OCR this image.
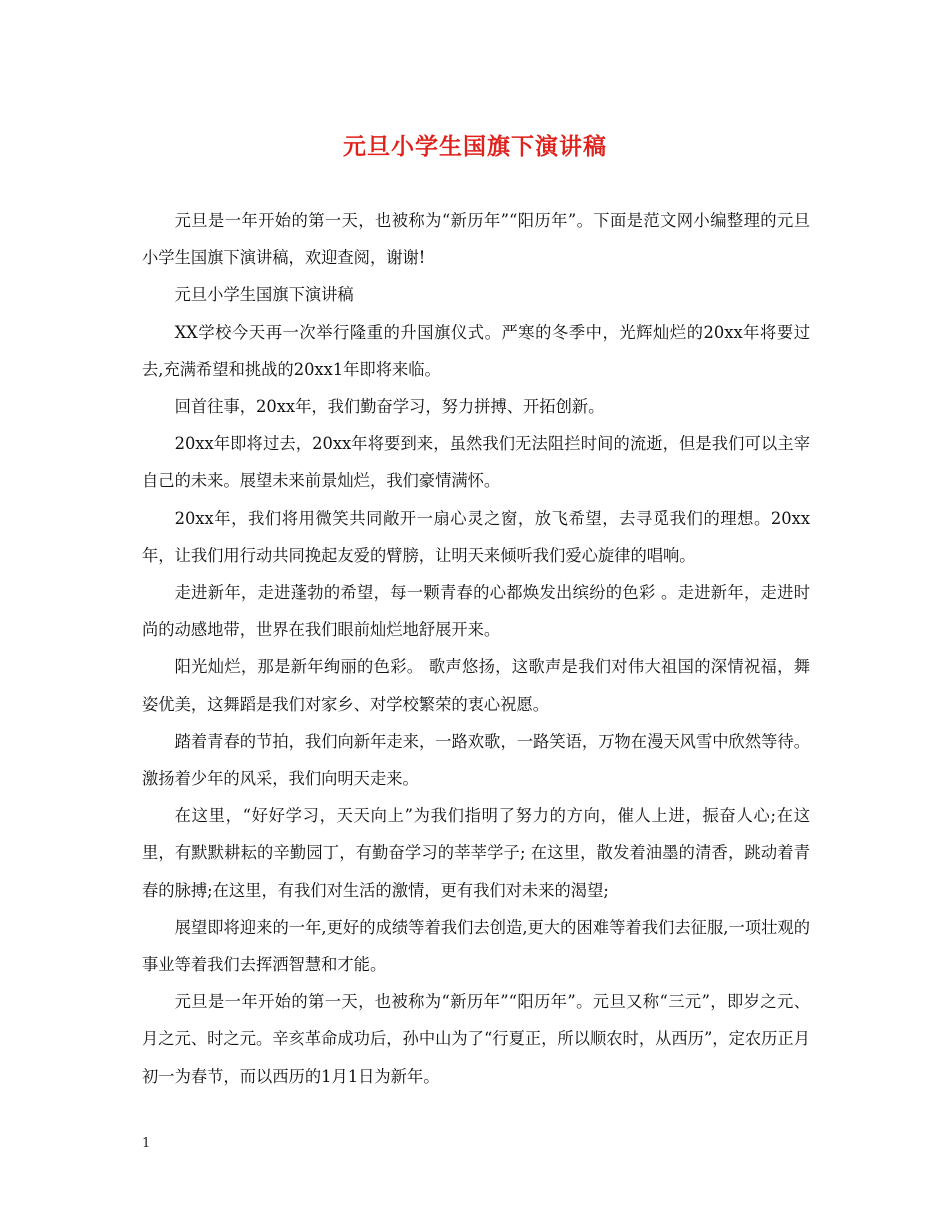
元旦小学生国旗下演讲稿

元旦是一年开始的第一天，也被称为“新历年”“阳历年”。下面是范文网小编整理的元旦小学生国旗下演讲稿，欢迎查阅，谢谢!

元旦小学生国旗下演讲稿

XX学校今天再一次举行隆重的升国旗仪式。严寒的冬季中，光辉灿烂的20xx年将要过去,充满希望和挑战的20xx1年即将来临。

回首往事，20xx年，我们勤奋学习，努力拼搏、开拓创新。

20xx年即将过去，20xx年将要到来，虽然我们无法阻拦时间的流逝，但是我们可以主宰自己的未来。展望未来前景灿烂，我们豪情满怀。

20xx年，我们将用微笑共同敞开一扇心灵之窗，放飞希望，去寻觅我们的理想。20xx年，让我们用行动共同挽起友爱的臂膀，让明天来倾听我们爱心旋律的唱响。

走进新年，走进蓬勃的希望，每一颗青春的心都焕发出缤纷的色彩 。走进新年，走进时尚的动感地带，世界在我们眼前灿烂地舒展开来。

阳光灿烂，那是新年绚丽的色彩。 歌声悠扬，这歌声是我们对伟大祖国的深情祝福，舞姿优美，这舞蹈是我们对家乡、对学校繁荣的衷心祝愿。

踏着青春的节拍，我们向新年走来，一路欢歌，一路笑语，万物在漫天风雪中欣然等待。激扬着少年的风采，我们向明天走来。

在这里，“好好学习，天天向上”为我们指明了努力的方向，催人上进，振奋人心;在这里，有默默耕耘的辛勤园丁，有勤奋学习的莘莘学子; 在这里，散发着油墨的清香，跳动着青春的脉搏;在这里，有我们对生活的激情，更有我们对未来的渴望;

展望即将迎来的一年,更好的成绩等着我们去创造,更大的困难等着我们去征服,一项壮观的事业等着我们去挥洒智慧和才能。

元旦是一年开始的第一天，也被称为“新历年”“阳历年”。元旦又称“三元”，即岁之元、月之元、时之元。辛亥革命成功后，孙中山为了“行夏正，所以顺农时，从西历”，定农历正月初一为春节，而以西历的1月1日为新年。

1
